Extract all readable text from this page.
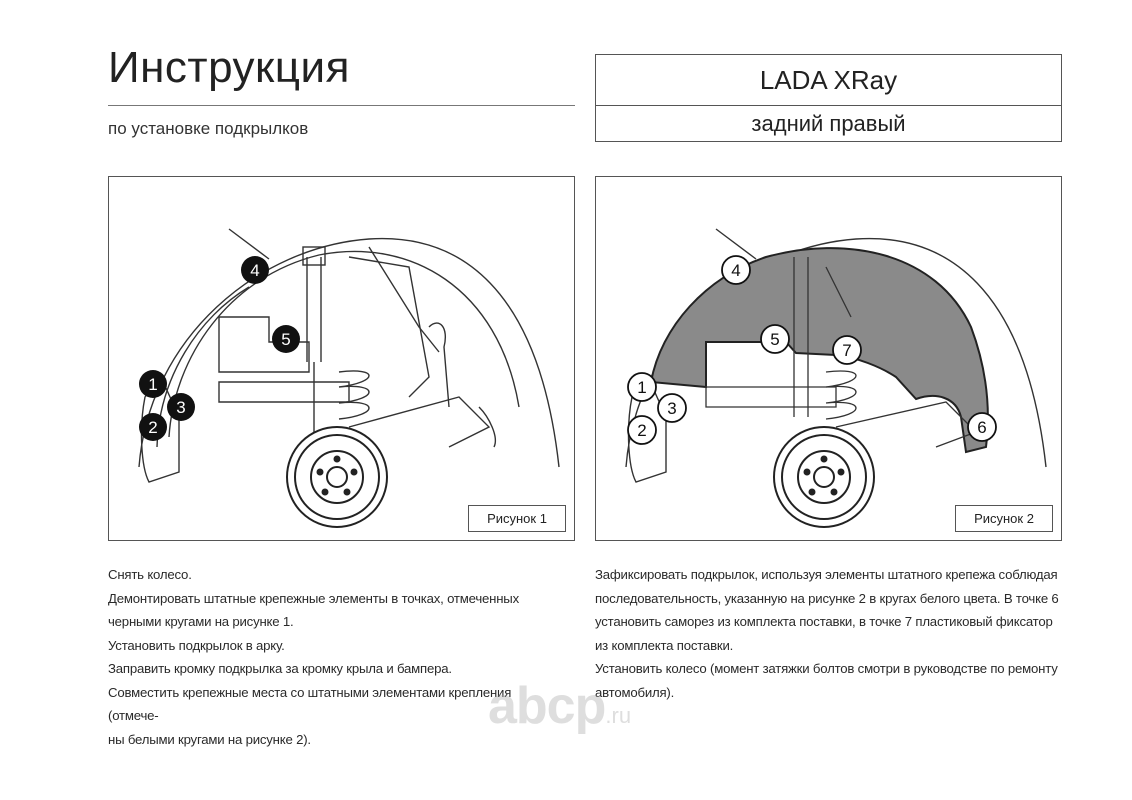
Инструкция
по установке подкрылков
LADA XRay
задний правый
4
5
1
3
2
Рисунок 1
4
5
7
1
3
2	6
Рисунок 2

Снять колесо.

Демонтировать штатные крепежные элементы в точках, отмеченных

черными кругами на рисунке 1.

Установить подкрылок в арку.

Заправить кромку подкрылка за кромку крыла и бампера.

Совместить крепежные места со штатными элементами крепления (отмече-

ны белыми кругами на рисунке 2).

Зафиксировать подкрылок, используя элементы штатного крепежа соблюдая

последовательность, указанную на рисунке 2 в кругах белого цвета. В точке 6

установить саморез из комплекта поставки, в точке 7 пластиковый фиксатор

из комплекта поставки.

Установить колесо (момент затяжки болтов смотри в руководстве по ремонту

автомобиля).

abcp.ru
